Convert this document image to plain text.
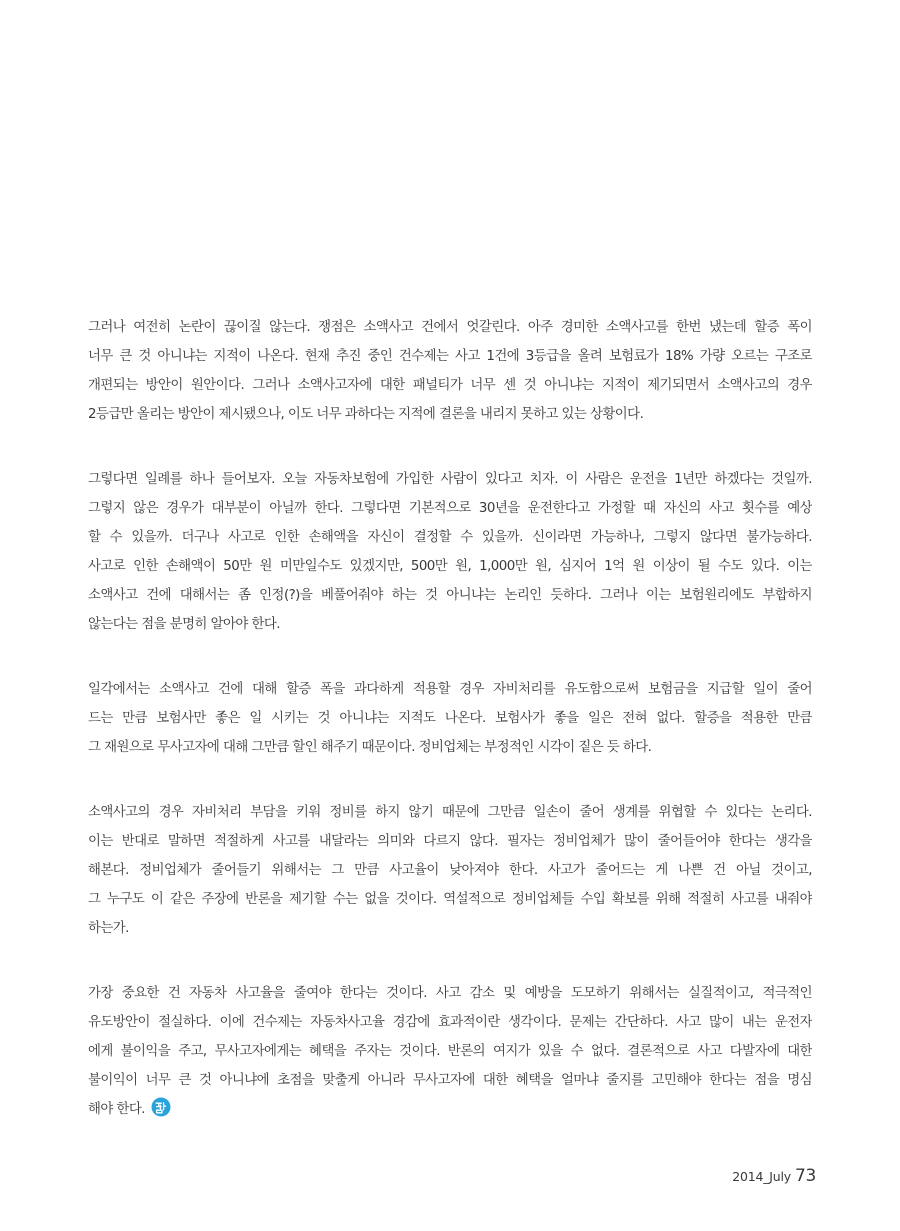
그러나 여전히 논란이 끊이질 않는다. 쟁점은 소액사고 건에서 엇갈린다. 아주 경미한 소액사고를 한번 냈는데 할증 폭이
너무 큰 것 아니냐는 지적이 나온다. 현재 추진 중인 건수제는 사고 1건에 3등급을 올려 보험료가 18% 가량 오르는 구조로
개편되는 방안이 원안이다. 그러나 소액사고자에 대한 패널티가 너무 센 것 아니냐는 지적이 제기되면서 소액사고의 경우
2등급만 올리는 방안이 제시됐으나, 이도 너무 과하다는 지적에 결론을 내리지 못하고 있는 상황이다.
그렇다면 일례를 하나 들어보자. 오늘 자동차보험에 가입한 사람이 있다고 치자. 이 사람은 운전을 1년만 하겠다는 것일까.
그렇지 않은 경우가 대부분이 아닐까 한다. 그렇다면 기본적으로 30년을 운전한다고 가정할 때 자신의 사고 횟수를 예상
할 수 있을까. 더구나 사고로 인한 손해액을 자신이 결정할 수 있을까. 신이라면 가능하나, 그렇지 않다면 불가능하다.
사고로 인한 손해액이 50만 원 미만일수도 있겠지만, 500만 원, 1,000만 원, 심지어 1억 원 이상이 될 수도 있다. 이는
소액사고 건에 대해서는 좀 인정(?)을 베풀어줘야 하는 것 아니냐는 논리인 듯하다. 그러나 이는 보험원리에도 부합하지
않는다는 점을 분명히 알아야 한다.
일각에서는 소액사고 건에 대해 할증 폭을 과다하게 적용할 경우 자비처리를 유도함으로써 보험금을 지급할 일이 줄어
드는 만큼 보험사만 좋은 일 시키는 것 아니냐는 지적도 나온다. 보험사가 좋을 일은 전혀 없다. 할증을 적용한 만큼
그 재원으로 무사고자에 대해 그만큼 할인 해주기 때문이다. 정비업체는 부정적인 시각이 짙은 듯 하다.
소액사고의 경우 자비처리 부담을 키워 정비를 하지 않기 때문에 그만큼 일손이 줄어 생계를 위협할 수 있다는 논리다.
이는 반대로 말하면 적절하게 사고를 내달라는 의미와 다르지 않다. 필자는 정비업체가 많이 줄어들어야 한다는 생각을
해본다. 정비업체가 줄어들기 위해서는 그 만큼 사고율이 낮아져야 한다. 사고가 줄어드는 게 나쁜 건 아닐 것이고,
그 누구도 이 같은 주장에 반론을 제기할 수는 없을 것이다. 역설적으로 정비업체들 수입 확보를 위해 적절히 사고를 내줘야
하는가.
가장 중요한 건 자동차 사고율을 줄여야 한다는 것이다. 사고 감소 및 예방을 도모하기 위해서는 실질적이고, 적극적인
유도방안이 절실하다. 이에 건수제는 자동차사고율 경감에 효과적이란 생각이다. 문제는 간단하다. 사고 많이 내는 운전자
에게 불이익을 주고, 무사고자에게는 혜택을 주자는 것이다. 반론의 여지가 있을 수 없다. 결론적으로 사고 다발자에 대한
불이익이 너무 큰 것 아니냐에 초점을 맞출게 아니라 무사고자에 대한 혜택을 얼마냐 줄지를 고민해야 한다는 점을 명심
해야 한다.
2014_July 73
